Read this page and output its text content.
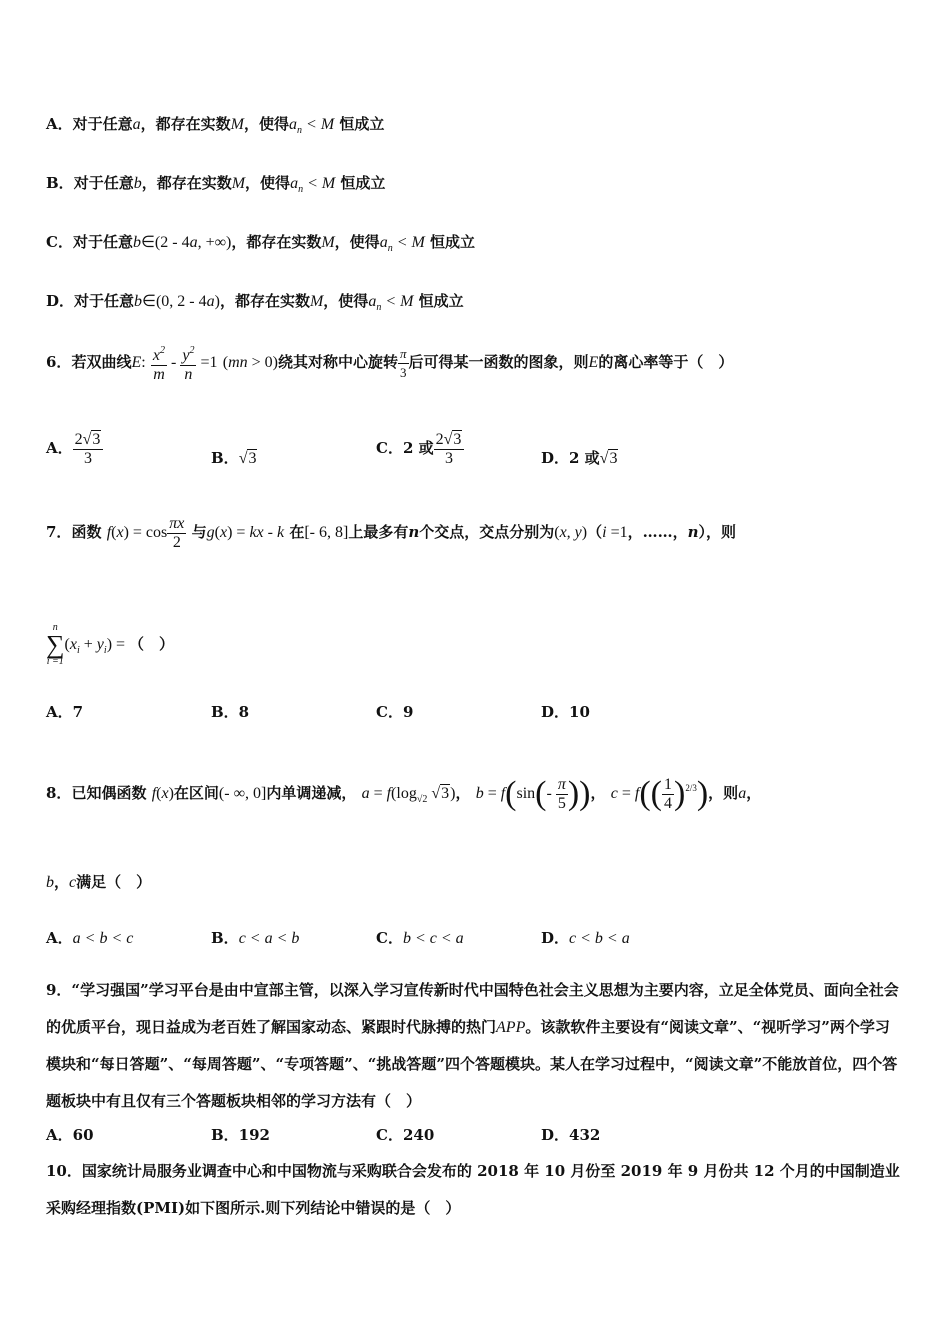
A．对于任意a，都存在实数M，使得$a_n < M$ 恒成立
B．对于任意b，都存在实数M，使得$a_n < M$ 恒成立
C．对于任意b∈(2 - 4a, +∞)，都存在实数M，使得$a_n < M$ 恒成立
D．对于任意b∈(0, 2 - 4a)，都存在实数M，使得$a_n < M$ 恒成立
6．若双曲线E: $\frac{x^2}{m} - \frac{y^2}{n} =1$ (mn > 0)绕其对称中心旋转 $\frac{\pi}{3}$ 后可得某一函数的图象，则E的离心率等于（　）
A． $\frac{2√3}{3}$	B．√3
C．2 或 $\frac{2√3}{3}$	D．2 或√3
7．函数 $f(x) = \cos \frac{\pi x}{2}$ 与g(x) = kx - k 在[- 6, 8]上最多有n个交点，交点分别为(x, y)（i =1，……，n），则
n
∑
i =1
$(x_i + y_i)$ = （　）
A．7	B．8	C．9	D．10
8．已知偶函数 f(x)在区间(- ∞, 0]内单调递减， $a = f(\log_{√2}$ √3)， $b = f(\sin(- \frac{\pi}{5}$ ))， $c = f(( \frac{1}{4} )^{2/3})$，则a，
b，c满足（　）
A．a < b < c	B．c < a < b	C．b < c < a	D．c < b < a
9．“学习强国”学习平台是由中宣部主管，以深入学习宣传新时代中国特色社会主义思想为主要内容，立足全体党员、面向全社会的优质平台，现日益成为老百姓了解国家动态、紧跟时代脉搏的热门APP。该款软件主要设有“阅读文章”、“视听学习”两个学习模块和“每日答题”、“每周答题”、“专项答题”、“挑战答题”四个答题模块。某人在学习过程中，“阅读文章”不能放首位，四个答题板块中有且仅有三个答题板块相邻的学习方法有（　）
A．60	B．192	C．240	D．432
10．国家统计局服务业调查中心和中国物流与采购联合会发布的 2018 年 10 月份至 2019 年 9 月份共 12 个月的中国制造业采购经理指数(PMI)如下图所示.则下列结论中错误的是（　）
